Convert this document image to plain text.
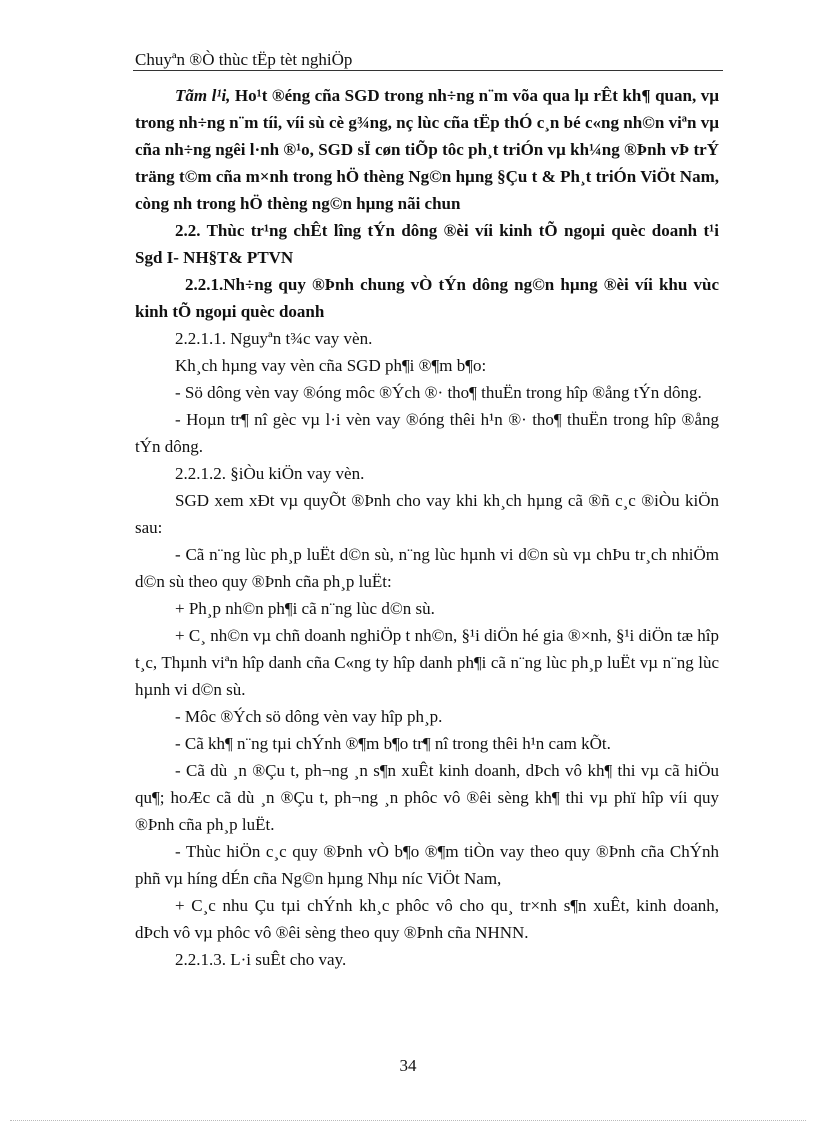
Chuyªn ®Ò thùc tËp tèt nghiÖp

Tãm l¹i, Ho¹t ®éng cña SGD trong nh÷ng n¨m võa qua lµ rÊt kh¶ quan, vµ trong nh÷ng n¨m tíi, víi sù cè g¾ng, nç lùc cña tËp thÓ c¸n bé c«ng nh©n viªn vµ cña nh÷ng ngêi l·nh ®¹o, SGD sÏ cøn tiÕp tôc ph¸t triÓn vµ kh¼ng ®Þnh vÞ trÝ träng t©m cña m×nh trong hÖ thèng Ng©n hµng §Çu t & Ph¸t triÓn ViÖt Nam, còng nh trong hÖ thèng ng©n hµng nãi chun

2.2. Thùc tr¹ng chÊt lîng tÝn dông ®èi víi kinh tÕ ngoµi quèc doanh t¹i Sgd I- NH§T& PTVN

2.2.1.Nh÷ng quy ®Þnh chung vÒ tÝn dông ng©n hµng ®èi víi khu vùc kinh tÕ ngoµi quèc doanh

2.2.1.1. Nguyªn t¾c vay vèn.

Kh¸ch hµng vay vèn cña SGD ph¶i ®¶m b¶o:

- Sö dông vèn vay ®óng môc ®Ých ®· tho¶ thuËn trong hîp ®ång tÝn dông.

- Hoµn tr¶ nî gèc vµ l·i vèn vay ®óng thêi h¹n ®· tho¶ thuËn trong hîp ®ång tÝn dông.

2.2.1.2. §iÒu kiÖn vay vèn.

SGD xem xÐt vµ quyÕt ®Þnh cho vay khi kh¸ch hµng cã ®ñ c¸c ®iÒu kiÖn sau:

- Cã n¨ng lùc ph¸p luËt d©n sù, n¨ng lùc hµnh vi d©n sù vµ chÞu tr¸ch nhiÖm d©n sù theo quy ®Þnh cña ph¸p luËt:

+ Ph¸p nh©n ph¶i cã n¨ng lùc d©n sù.

+ C¸ nh©n vµ chñ doanh nghiÖp t nh©n, §¹i diÖn hé gia ®×nh, §¹i diÖn tæ hîp t¸c, Thµnh viªn hîp danh cña C«ng ty hîp danh ph¶i cã n¨ng lùc ph¸p luËt vµ n¨ng lùc hµnh vi d©n sù.

- Môc ®Ých sö dông vèn vay hîp ph¸p.

- Cã kh¶ n¨ng tµi chÝnh ®¶m b¶o tr¶ nî trong thêi h¹n cam kÕt.

- Cã dù ¸n ®Çu t, ph¬ng ¸n s¶n xuÊt kinh doanh, dÞch vô kh¶ thi vµ cã hiÖu qu¶; hoÆc cã dù ¸n ®Çu t, ph¬ng ¸n phôc vô ®êi sèng kh¶ thi vµ phï hîp víi quy ®Þnh cña ph¸p luËt.

- Thùc hiÖn c¸c quy ®Þnh vÒ b¶o ®¶m tiÒn vay theo quy ®Þnh cña ChÝnh phñ vµ híng dÉn cña Ng©n hµng Nhµ níc ViÖt Nam,

+ C¸c nhu Çu tµi chÝnh kh¸c phôc vô cho qu¸ tr×nh s¶n xuÊt, kinh doanh, dÞch vô vµ phôc vô ®êi sèng theo quy ®Þnh cña NHNN.

2.2.1.3. L·i suÊt cho vay.

34
